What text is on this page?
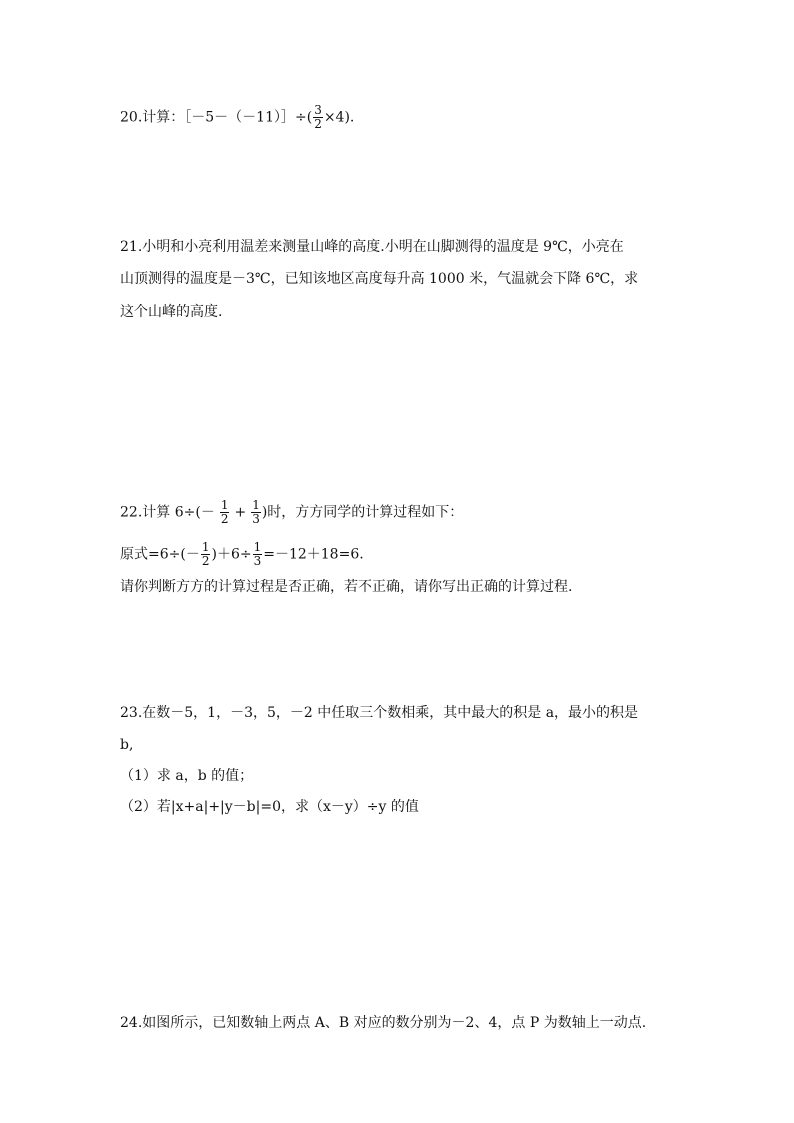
20.计算：［－5－（－11）］÷( $\frac{3}{2} \times 4$).
21.小明和小亮利用温差来测量山峰的高度.小明在山脚测得的温度是 9℃，小亮在
山顶测得的温度是－3℃，已知该地区高度每升高 1000 米，气温就会下降 6℃，求
这个山峰的高度.
22.计算 $6\div(- \frac{1}{2} + \frac{1}{3}$ )时，方方同学的计算过程如下：
原式$=6\div(- \frac{1}{2} )+6\div \frac{1}{3} =-12+18=6$.
请你判断方方的计算过程是否正确，若不正确，请你写出正确的计算过程.
23.在数－5，1，－3，5，－2 中任取三个数相乘，其中最大的积是 a，最小的积是
b,
（1）求 a，b 的值；
（2）若|x+a|+|y－b|=0，求（x－y）÷y 的值
24.如图所示，已知数轴上两点 A、B 对应的数分别为－2、4，点 P 为数轴上一动点.
